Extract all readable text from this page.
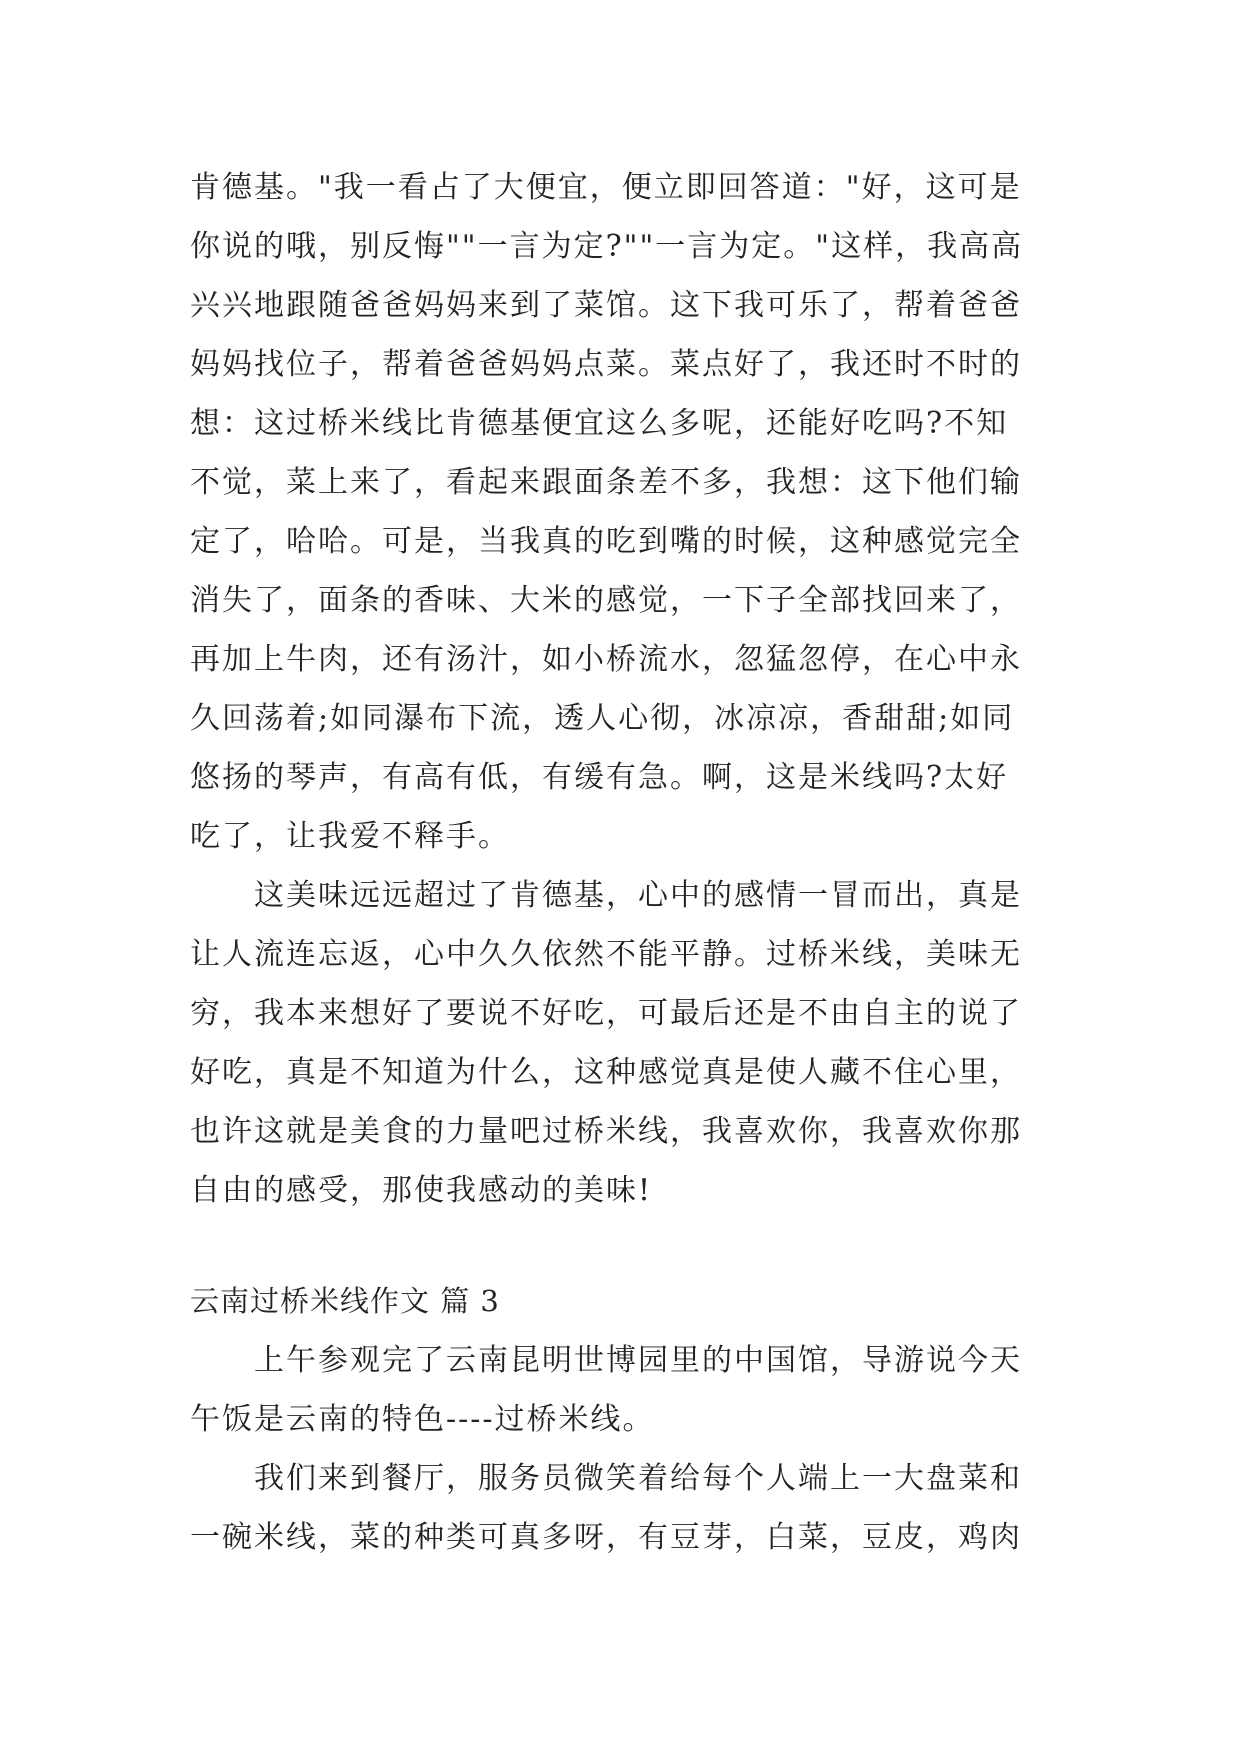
肯德基。"我一看占了大便宜，便立即回答道："好，这可是
你说的哦，别反悔""一言为定?""一言为定。"这样，我高高
兴兴地跟随爸爸妈妈来到了菜馆。这下我可乐了，帮着爸爸
妈妈找位子，帮着爸爸妈妈点菜。菜点好了，我还时不时的
想：这过桥米线比肯德基便宜这么多呢，还能好吃吗?不知
不觉，菜上来了，看起来跟面条差不多，我想：这下他们输
定了，哈哈。可是，当我真的吃到嘴的时候，这种感觉完全
消失了，面条的香味、大米的感觉，一下子全部找回来了，
再加上牛肉，还有汤汁，如小桥流水，忽猛忽停，在心中永
久回荡着;如同瀑布下流，透人心彻，冰凉凉，香甜甜;如同
悠扬的琴声，有高有低，有缓有急。啊，这是米线吗?太好
吃了，让我爱不释手。
这美味远远超过了肯德基，心中的感情一冒而出，真是
让人流连忘返，心中久久依然不能平静。过桥米线，美味无
穷，我本来想好了要说不好吃，可最后还是不由自主的说了
好吃，真是不知道为什么，这种感觉真是使人藏不住心里，
也许这就是美食的力量吧过桥米线，我喜欢你，我喜欢你那
自由的感受，那使我感动的美味!
云南过桥米线作文 篇 3
上午参观完了云南昆明世博园里的中国馆，导游说今天
午饭是云南的特色----过桥米线。
我们来到餐厅，服务员微笑着给每个人端上一大盘菜和
一碗米线，菜的种类可真多呀，有豆芽，白菜，豆皮，鸡肉
